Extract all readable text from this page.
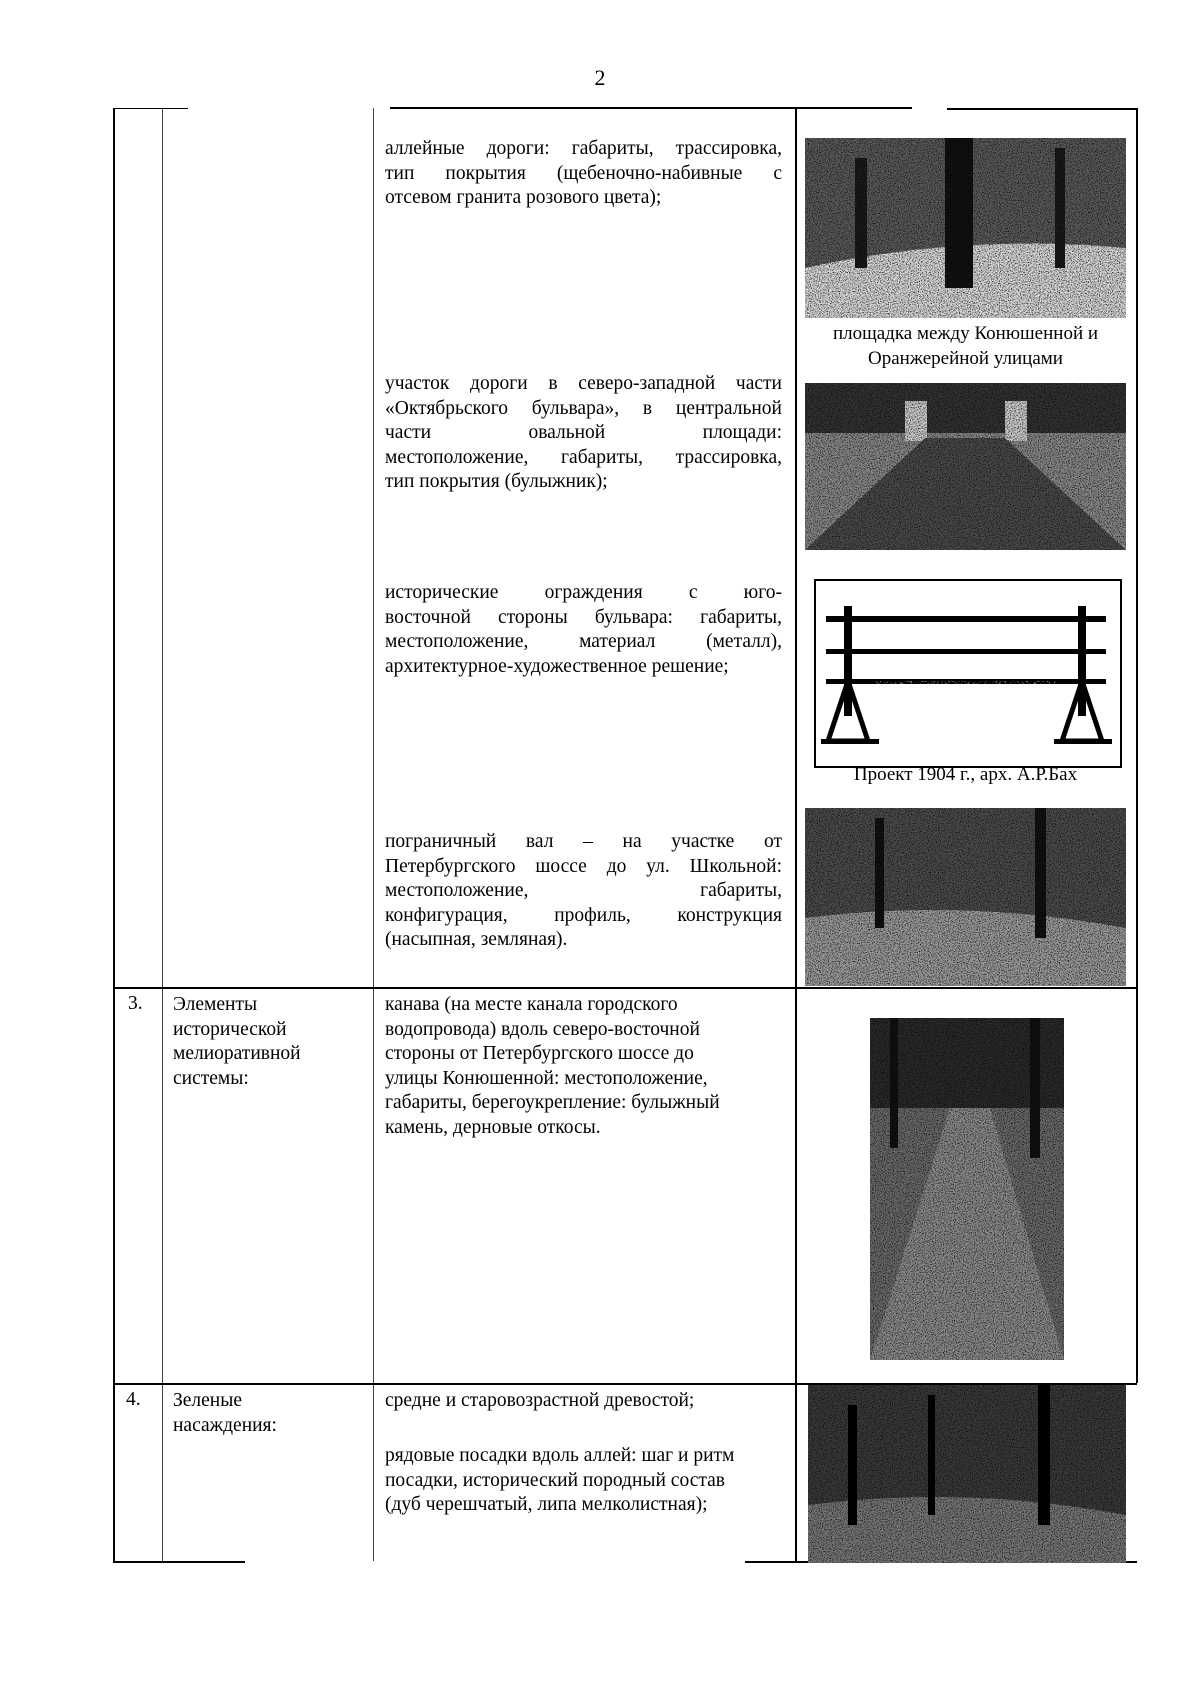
2
аллейные дороги: габариты, трассировка,
тип покрытия (щебеночно-набивные с
отсевом гранита розового цвета);
площадка между Конюшенной и
Оранжерейной улицами
участок дороги в северо-западной части
«Октябрьского бульвара», в центральной
части овальной площади:
местоположение, габариты, трассировка,
тип покрытия (булыжник);
исторические ограждения с юго-
восточной стороны бульвара: габариты,
местоположение, материал (металл),
архитектурное-художественное решение;
Проект 1904 г., арх. А.Р.Бах
пограничный вал – на участке от
Петербургского шоссе до ул. Школьной:
местоположение, габариты,
конфигурация, профиль, конструкция
(насыпная, земляная).
3. Элементы
исторической
мелиоративной
системы:
канава (на месте канала городского
водопровода) вдоль северо-восточной
стороны от Петербургского шоссе до
улицы Конюшенной: местоположение,
габариты, берегоукрепление: булыжный
камень, дерновые откосы.
4. Зеленые
насаждения:
средне и старовозрастной древостой;
рядовые посадки вдоль аллей: шаг и ритм
посадки, исторический породный состав
(дуб черешчатый, липа мелколистная);
